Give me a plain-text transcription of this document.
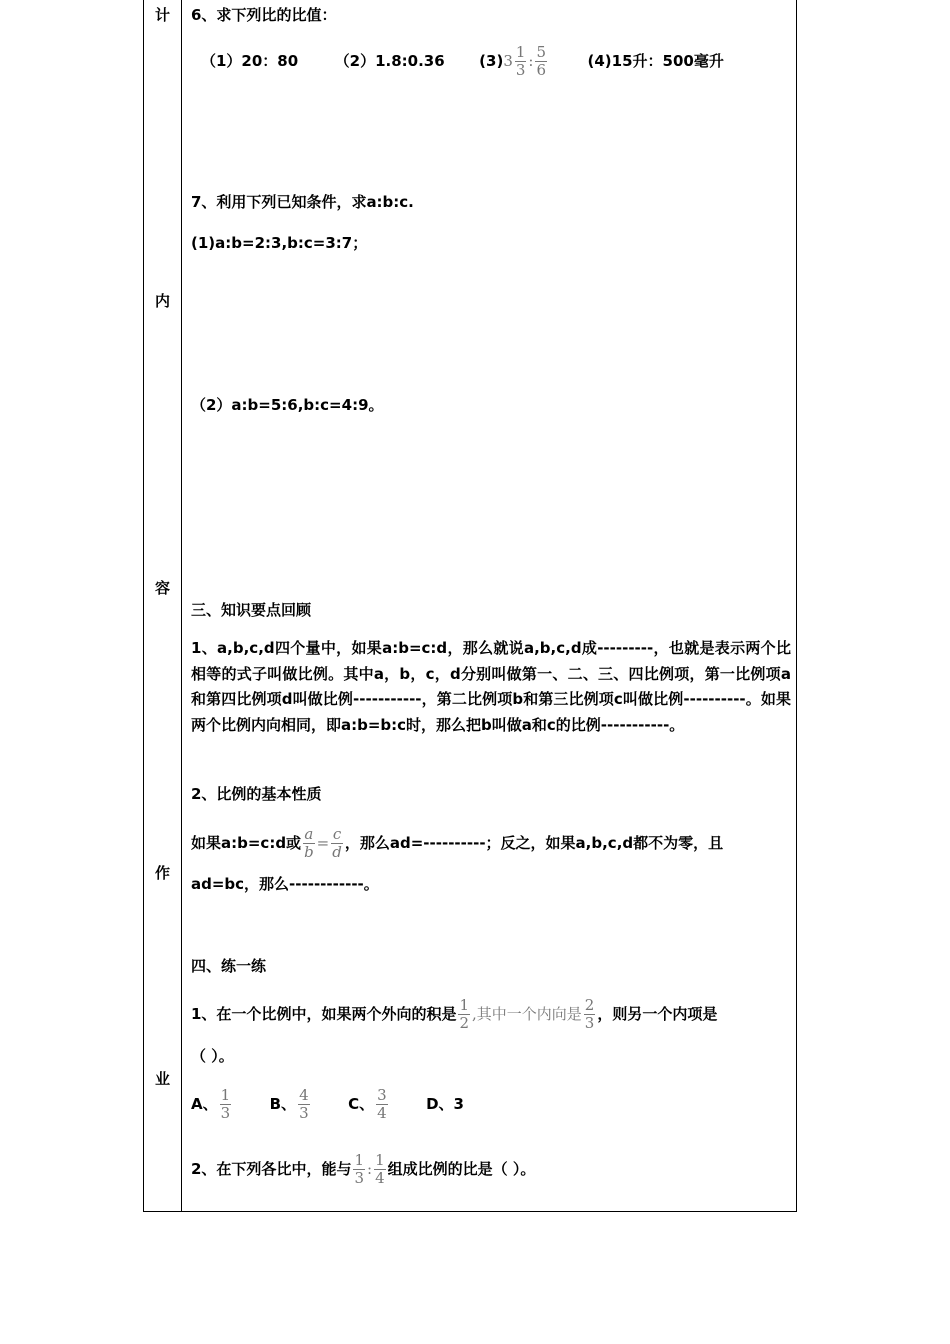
计
内
容
作
业
6、求下列比的比值：
（1）20：80 （2）1.8:0.36 $(3)3 \frac{1}{3}$ : $\frac{5}{6}$	(4)15升：500毫升
7、利用下列已知条件，求a:b:c.
(1)a:b=2:3,b:c=3:7；
（2）a:b=5:6,b:c=4:9。
三、知识要点回顾
1、a,b,c,d四个量中，如果a:b=c:d，那么就说a,b,c,d成---------，也就是表示两个比相等的式子叫做比例。其中a，b，c，d分别叫做第一、二、三、四比例项，第一比例项a和第四比例项d叫做比例-----------，第二比例项b和第三比例项c叫做比例----------。如果两个比例内向相同，即a:b=b:c时，那么把b叫做a和c的比例-----------。
2、比例的基本性质
如果a:b=c:d或 $\frac{a}{b} = \frac{c}{d}$ ，那么ad=----------；反之，如果a,b,c,d都不为零，且
ad=bc，那么------------。
四、练一练
1、在一个比例中，如果两个外向的积是 $\frac{1}{2}$ ,其中一个内向是 $\frac{2}{3}$ ，则另一个内项是
（ ）。
A、 $\frac{1}{3}$	B、 $\frac{4}{3}$	C、 $\frac{3}{4}$	D、3
2、在下列各比中，能与 $\frac{1}{3}$ : $\frac{1}{4}$ 组成比例的比是（ ）。
